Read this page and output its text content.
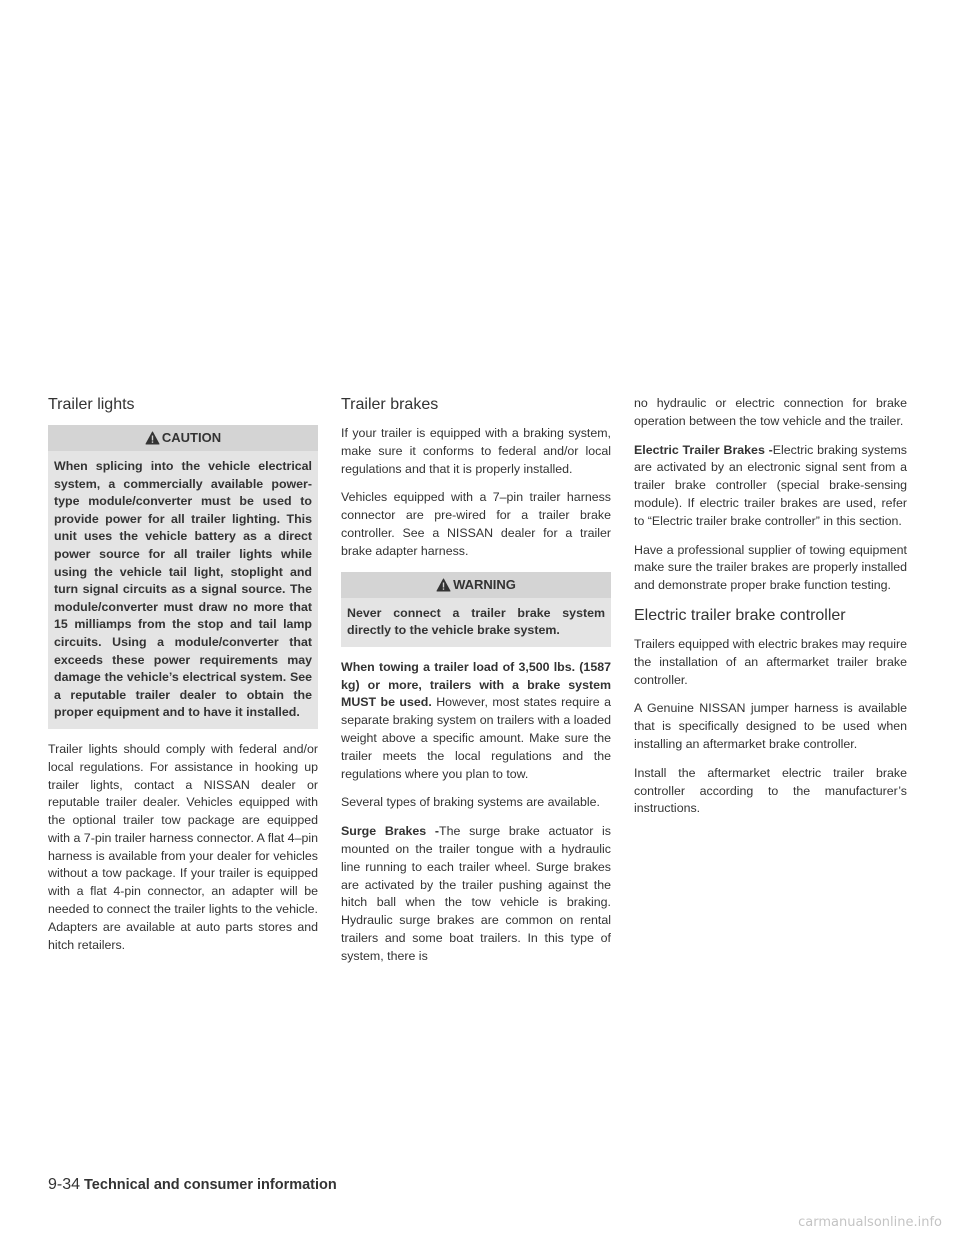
Trailer lights
CAUTION
When splicing into the vehicle electrical system, a commercially available power-type module/converter must be used to provide power for all trailer lighting. This unit uses the vehicle battery as a direct power source for all trailer lights while using the vehicle tail light, stoplight and turn signal circuits as a signal source. The module/converter must draw no more that 15 milliamps from the stop and tail lamp circuits. Using a module/converter that exceeds these power requirements may damage the vehicle’s electrical system. See a reputable trailer dealer to obtain the proper equipment and to have it installed.

Trailer lights should comply with federal and/or local regulations. For assistance in hooking up trailer lights, contact a NISSAN dealer or reputable trailer dealer. Vehicles equipped with the optional trailer tow package are equipped with a 7-pin trailer harness connector. A flat 4–pin harness is available from your dealer for vehicles without a tow package. If your trailer is equipped with a flat 4-pin connector, an adapter will be needed to connect the trailer lights to the vehicle. Adapters are available at auto parts stores and hitch retailers.

Trailer brakes

If your trailer is equipped with a braking system, make sure it conforms to federal and/or local regulations and that it is properly installed.

Vehicles equipped with a 7–pin trailer harness connector are pre-wired for a trailer brake controller. See a NISSAN dealer for a trailer brake adapter harness.

WARNING
Never connect a trailer brake system directly to the vehicle brake system.

When towing a trailer load of 3,500 lbs. (1587 kg) or more, trailers with a brake system MUST be used. However, most states require a separate braking system on trailers with a loaded weight above a specific amount. Make sure the trailer meets the local regulations and the regulations where you plan to tow.

Several types of braking systems are available.

Surge Brakes -The surge brake actuator is mounted on the trailer tongue with a hydraulic line running to each trailer wheel. Surge brakes are activated by the trailer pushing against the hitch ball when the tow vehicle is braking. Hydraulic surge brakes are common on rental trailers and some boat trailers. In this type of system, there is

no hydraulic or electric connection for brake operation between the tow vehicle and the trailer.

Electric Trailer Brakes -Electric braking systems are activated by an electronic signal sent from a trailer brake controller (special brake-sensing module). If electric trailer brakes are used, refer to “Electric trailer brake controller” in this section.

Have a professional supplier of towing equipment make sure the trailer brakes are properly installed and demonstrate proper brake function testing.

Electric trailer brake controller

Trailers equipped with electric brakes may require the installation of an aftermarket trailer brake controller.

A Genuine NISSAN jumper harness is available that is specifically designed to be used when installing an aftermarket brake controller.

Install the aftermarket electric trailer brake controller according to the manufacturer’s instructions.

9-34 Technical and consumer information
carmanualsonline.info
